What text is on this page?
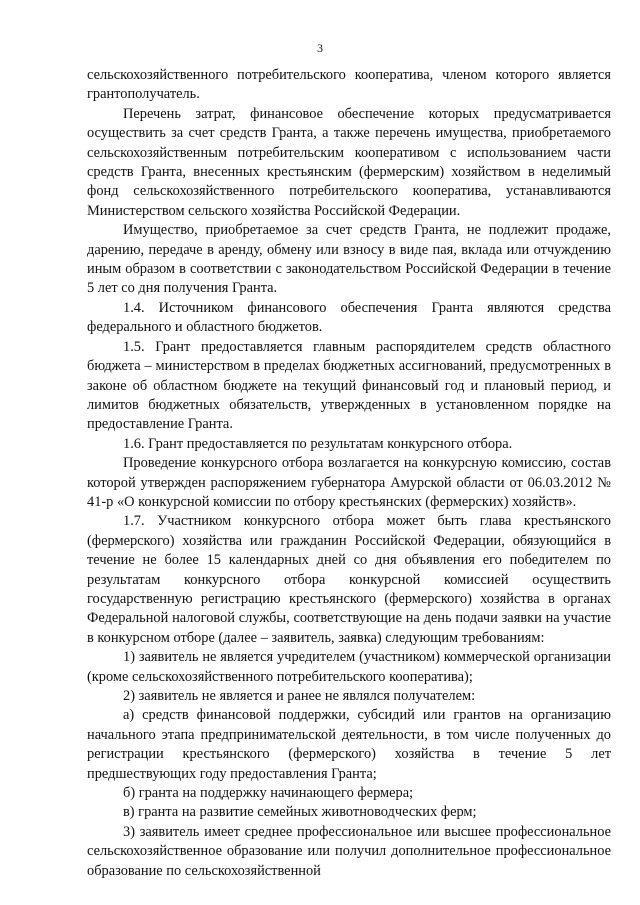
3

сельскохозяйственного потребительского кооператива, членом которого является грантополучатель.

Перечень затрат, финансовое обеспечение которых предусматривается осуществить за счет средств Гранта, а также перечень имущества, приобретаемого сельскохозяйственным потребительским кооперативом с использованием части средств Гранта, внесенных крестьянским (фермерским) хозяйством в неделимый фонд сельскохозяйственного потребительского кооператива, устанавливаются Министерством сельского хозяйства Российской Федерации.

Имущество, приобретаемое за счет средств Гранта, не подлежит продаже, дарению, передаче в аренду, обмену или взносу в виде пая, вклада или отчуждению иным образом в соответствии с законодательством Российской Федерации в течение 5 лет со дня получения Гранта.

1.4. Источником финансового обеспечения Гранта являются средства федерального и областного бюджетов.

1.5. Грант предоставляется главным распорядителем средств областного бюджета – министерством в пределах бюджетных ассигнований, предусмотренных в законе об областном бюджете на текущий финансовый год и плановый период, и лимитов бюджетных обязательств, утвержденных в установленном порядке на предоставление Гранта.

1.6. Грант предоставляется по результатам конкурсного отбора.

Проведение конкурсного отбора возлагается на конкурсную комиссию, состав которой утвержден распоряжением губернатора Амурской области от 06.03.2012 № 41-р «О конкурсной комиссии по отбору крестьянских (фермерских) хозяйств».

1.7. Участником конкурсного отбора может быть глава крестьянского (фермерского) хозяйства или гражданин Российской Федерации, обязующийся в течение не более 15 календарных дней со дня объявления его победителем по результатам конкурсного отбора конкурсной комиссией осуществить государственную регистрацию крестьянского (фермерского) хозяйства в органах Федеральной налоговой службы, соответствующие на день подачи заявки на участие в конкурсном отборе (далее – заявитель, заявка) следующим требованиям:

1) заявитель не является учредителем (участником) коммерческой организации (кроме сельскохозяйственного потребительского кооператива);

2) заявитель не является и ранее не являлся получателем:

а) средств финансовой поддержки, субсидий или грантов на организацию начального этапа предпринимательской деятельности, в том числе полученных до регистрации крестьянского (фермерского) хозяйства в течение 5 лет предшествующих году предоставления Гранта;

б) гранта на поддержку начинающего фермера;

в) гранта на развитие семейных животноводческих ферм;

3) заявитель имеет среднее профессиональное или высшее профессиональное сельскохозяйственное образование или получил дополнительное профессиональное образование по сельскохозяйственной
